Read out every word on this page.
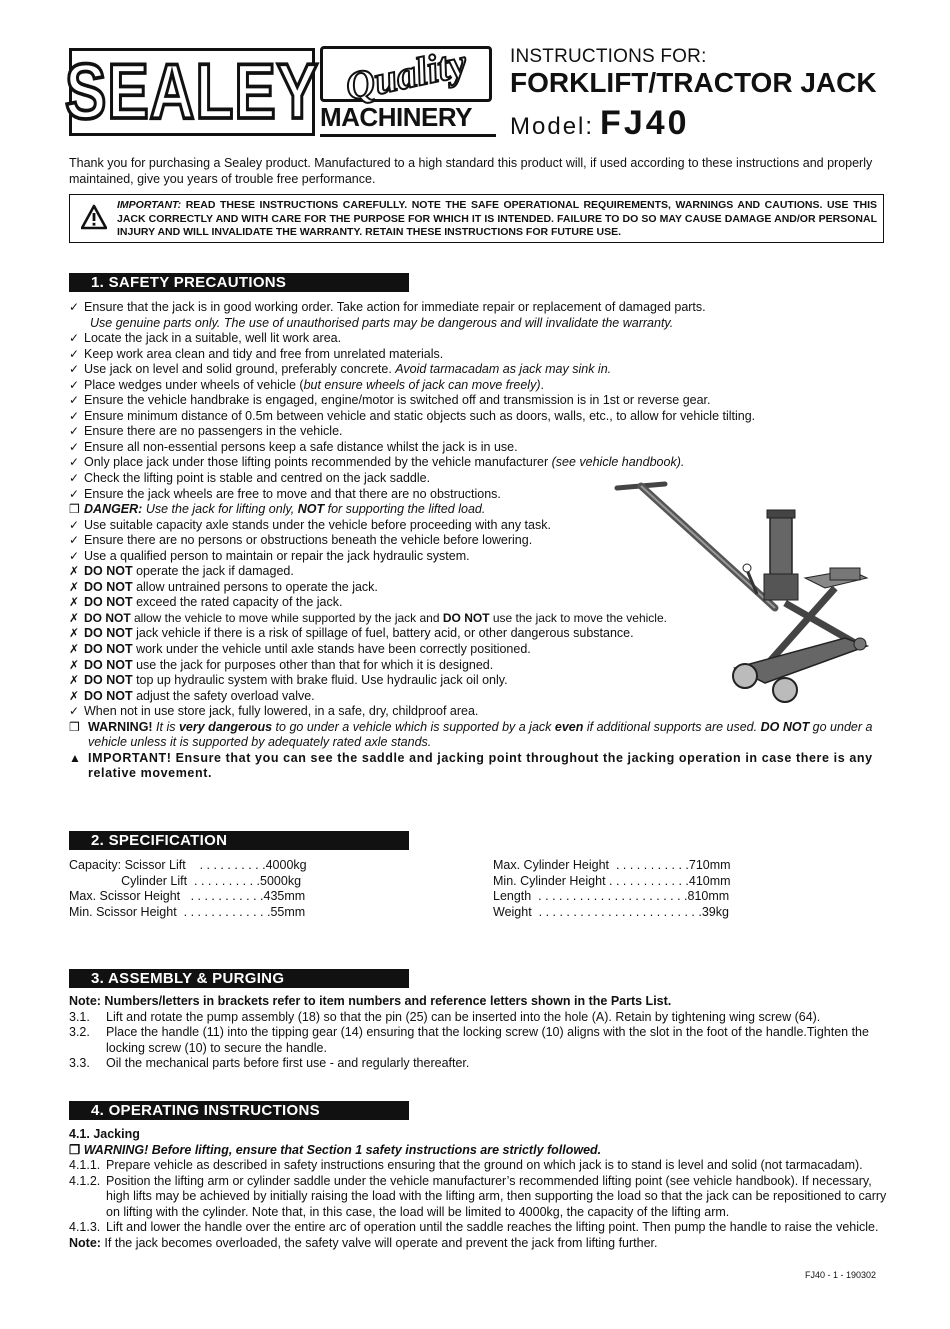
SEALEY Quality
MACHINERY
INSTRUCTIONS FOR:
FORKLIFT/TRACTOR JACK
Model: FJ40
Thank you for purchasing a Sealey product. Manufactured to a high standard this product will, if used according to these instructions and properly maintained, give you years of trouble free performance.
IMPORTANT: READ THESE INSTRUCTIONS CAREFULLY. NOTE THE SAFE OPERATIONAL REQUIREMENTS, WARNINGS AND CAUTIONS. USE THIS JACK CORRECTLY AND WITH CARE FOR THE PURPOSE FOR WHICH IT IS INTENDED. FAILURE TO DO SO MAY CAUSE DAMAGE AND/OR PERSONAL INJURY AND WILL INVALIDATE THE WARRANTY. RETAIN THESE INSTRUCTIONS FOR FUTURE USE.
1. SAFETY PRECAUTIONS
✓ Ensure that the jack is in good working order. Take action for immediate repair or replacement of damaged parts.
Use genuine parts only. The use of unauthorised parts may be dangerous and will invalidate the warranty.
✓ Locate the jack in a suitable, well lit work area.
✓ Keep work area clean and tidy and free from unrelated materials.
✓ Use jack on level and solid ground, preferably concrete. Avoid tarmacadam as jack may sink in.
✓ Place wedges under wheels of vehicle (but ensure wheels of jack can move freely).
✓ Ensure the vehicle handbrake is engaged, engine/motor is switched off and transmission is in 1st or reverse gear.
✓ Ensure minimum distance of 0.5m between vehicle and static objects such as doors, walls, etc., to allow for vehicle tilting.
✓ Ensure there are no passengers in the vehicle.
✓ Ensure all non-essential persons keep a safe distance whilst the jack is in use.
✓ Only place jack under those lifting points recommended by the vehicle manufacturer (see vehicle handbook).
✓ Check the lifting point is stable and centred on the jack saddle.
✓ Ensure the jack wheels are free to move and that there are no obstructions.
❒ DANGER: Use the jack for lifting only, NOT for supporting the lifted load.
✓ Use suitable capacity axle stands under the vehicle before proceeding with any task.
✓ Ensure there are no persons or obstructions beneath the vehicle before lowering.
✓ Use a qualified person to maintain or repair the jack hydraulic system.
✗ DO NOT operate the jack if damaged.
✗ DO NOT allow untrained persons to operate the jack.
✗ DO NOT exceed the rated capacity of the jack.
✗ DO NOT allow the vehicle to move while supported by the jack and DO NOT use the jack to move the vehicle.
✗ DO NOT jack vehicle if there is a risk of spillage of fuel, battery acid, or other dangerous substance.
✗ DO NOT work under the vehicle until axle stands have been correctly positioned.
✗ DO NOT use the jack for purposes other than that for which it is designed.
✗ DO NOT top up hydraulic system with brake fluid. Use hydraulic jack oil only.
✗ DO NOT adjust the safety overload valve.
✓ When not in use store jack, fully lowered, in a safe, dry, childproof area.
❒ WARNING! It is very dangerous to go under a vehicle which is supported by a jack even if additional supports are used. DO NOT go under a vehicle unless it is supported by adequately rated axle stands.
▲ IMPORTANT! Ensure that you can see the saddle and jacking point throughout the jacking operation in case there is any relative movement.
2. SPECIFICATION
Capacity: Scissor Lift    . . . . . . . . . .4000kg
Cylinder Lift  . . . . . . . . . .5000kg
Max. Scissor Height   . . . . . . . . . . .435mm
Min. Scissor Height  . . . . . . . . . . . . .55mm
Max. Cylinder Height  . . . . . . . . . . .710mm
Min. Cylinder Height . . . . . . . . . . . .410mm
Length  . . . . . . . . . . . . . . . . . . . . . .810mm
Weight  . . . . . . . . . . . . . . . . . . . . . . . .39kg
3. ASSEMBLY & PURGING
Note: Numbers/letters in brackets refer to item numbers and reference letters shown in the Parts List.
3.1.	Lift and rotate the pump assembly (18) so that the pin (25) can be inserted into the hole (A). Retain by tightening wing screw (64).
3.2.	Place the handle (11) into the tipping gear (14) ensuring that the locking screw (10) aligns with the slot in the foot of the handle.Tighten the locking screw (10) to secure the handle.
3.3.	Oil the mechanical parts before first use - and regularly thereafter.
4. OPERATING INSTRUCTIONS
4.1. Jacking
❒ WARNING! Before lifting, ensure that Section 1 safety instructions are strictly followed.
4.1.1. Prepare vehicle as described in safety instructions ensuring that the ground on which jack is to stand is level and solid (not tarmacadam).
4.1.2. Position the lifting arm or cylinder saddle under the vehicle manufacturer’s recommended lifting point (see vehicle handbook). If necessary, high lifts may be achieved by initially raising the load with the lifting arm, then supporting the load so that the jack can be repositioned to carry on lifting with the cylinder. Note that, in this case, the load will be limited to 4000kg, the capacity of the lifting arm.
4.1.3. Lift and lower the handle over the entire arc of operation until the saddle reaches the lifting point. Then pump the handle to raise the vehicle.
Note: If the jack becomes overloaded, the safety valve will operate and prevent the jack from lifting further.
FJ40 - 1 - 190302
